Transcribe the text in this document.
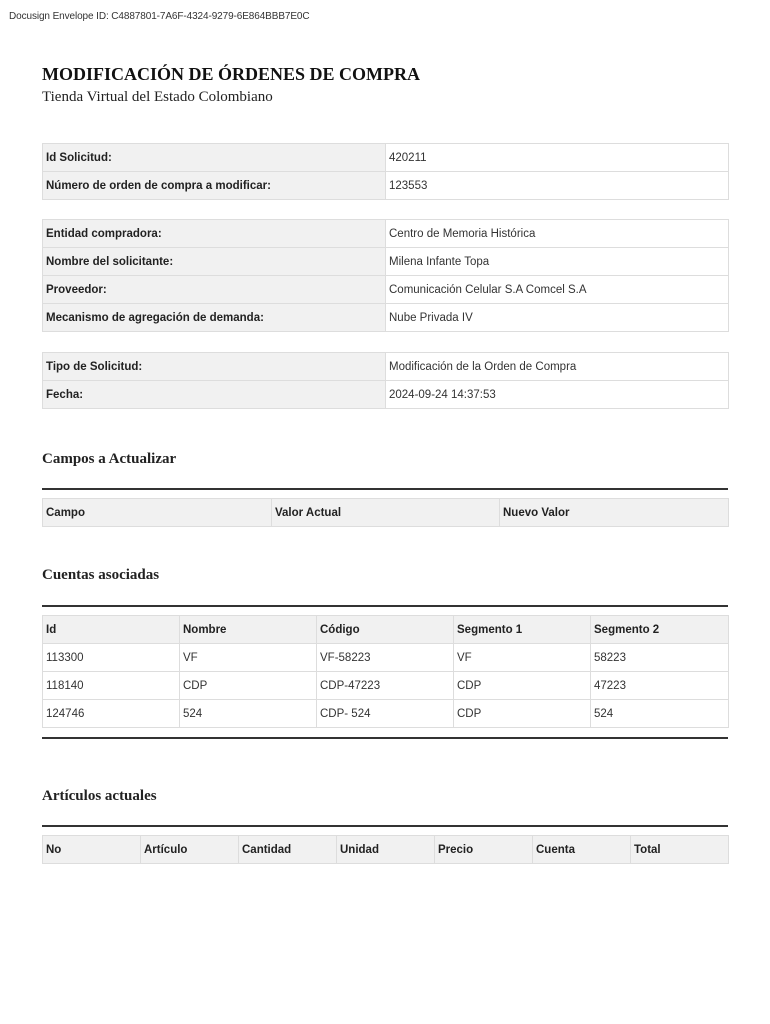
Docusign Envelope ID: C4887801-7A6F-4324-9279-6E864BBB7E0C
MODIFICACIÓN DE ÓRDENES DE COMPRA

Tienda Virtual del Estado Colombiano

Id Solicitud:	420211
Número de orden de compra a modificar:	123553
Entidad compradora:	Centro de Memoria Histórica
Nombre del solicitante:	Milena Infante Topa
Proveedor:	Comunicación Celular S.A Comcel S.A
Mecanismo de agregación de demanda:	Nube Privada IV
Tipo de Solicitud:	Modificación de la Orden de Compra
Fecha:	2024-09-24 14:37:53
Campos a Actualizar
Campo	Valor Actual	Nuevo Valor
Cuentas asociadas
Id	Nombre	Código	Segmento 1	Segmento 2
113300	VF	VF-58223	VF	58223
118140	CDP	CDP-47223	CDP	47223
124746	524	CDP- 524	CDP	524
Artículos actuales
No	Artículo	Cantidad	Unidad	Precio	Cuenta	Total
